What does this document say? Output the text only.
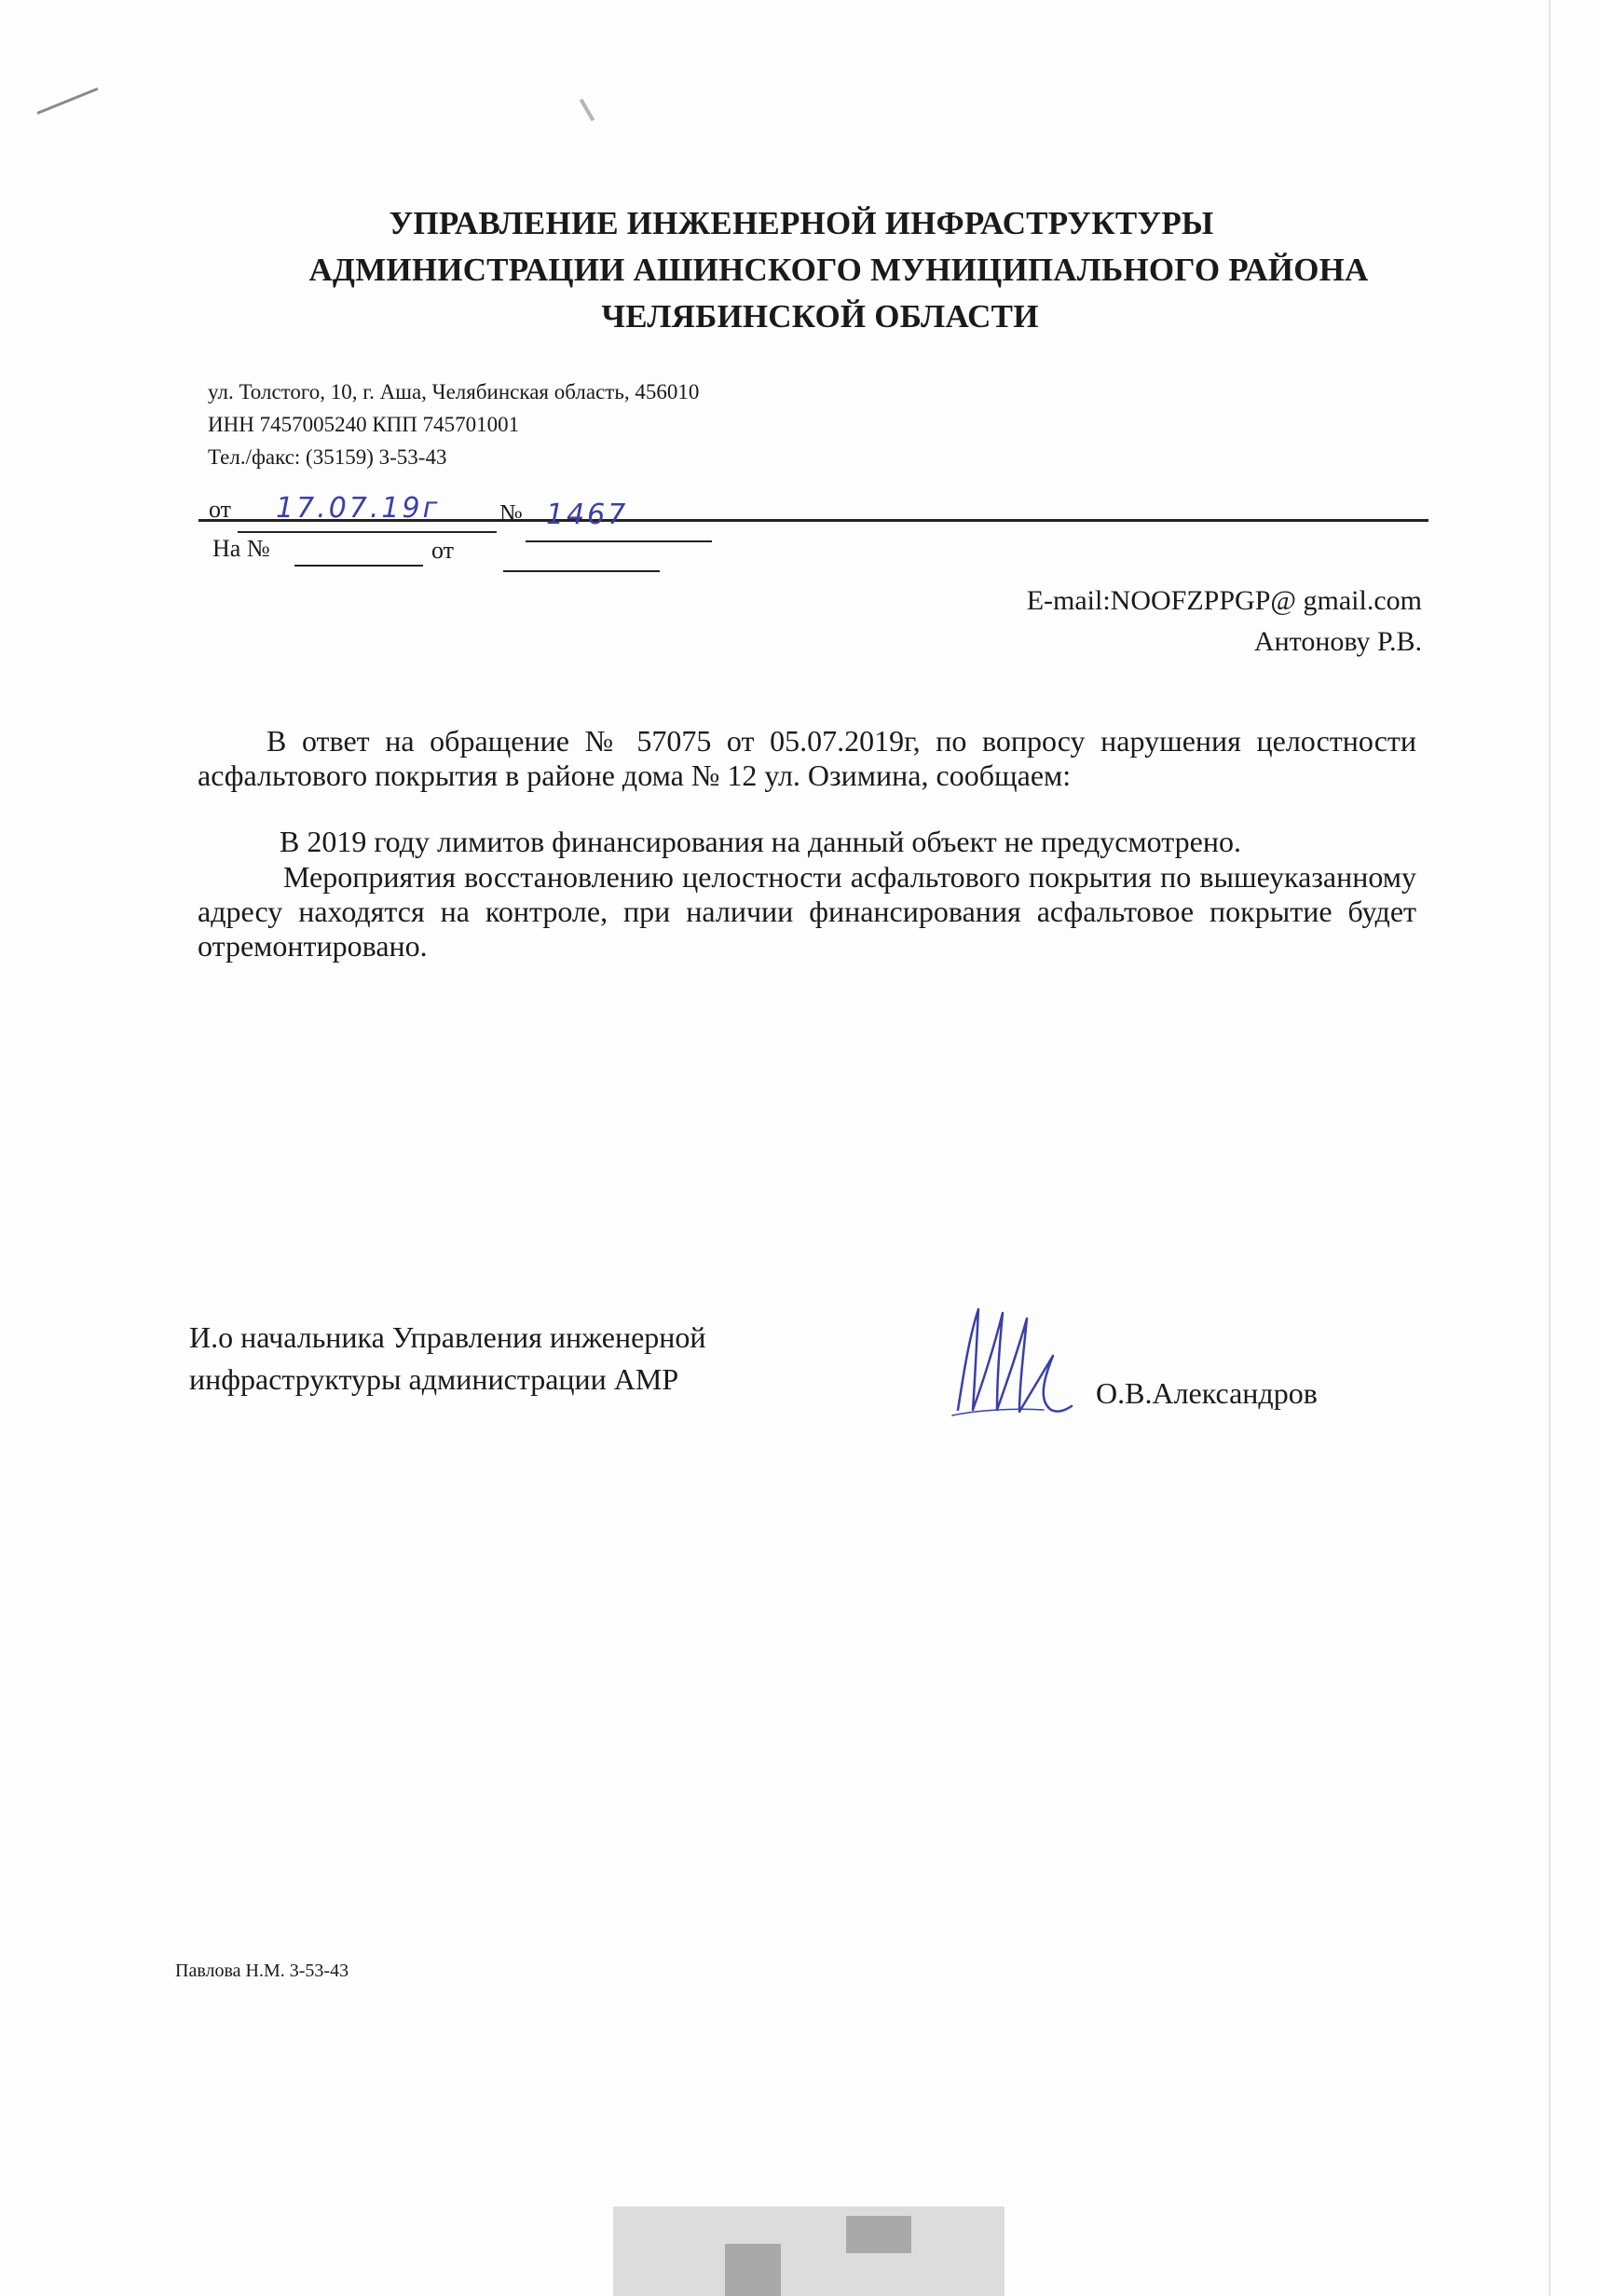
УПРАВЛЕНИЕ ИНЖЕНЕРНОЙ ИНФРАСТРУКТУРЫ
АДМИНИСТРАЦИИ АШИНСКОГО МУНИЦИПАЛЬНОГО РАЙОНА
ЧЕЛЯБИНСКОЙ ОБЛАСТИ
ул. Толстого, 10, г. Аша, Челябинская область, 456010
ИНН 7457005240 КПП 745701001
Тел./факс: (35159) 3-53-43
от 17.07.19г № 1467
На №	от
E-mail:NOOFZPPGP@ gmail.com
Антонову Р.В.
В ответ на обращение № 57075 от 05.07.2019г, по вопросу нарушения целостности асфальтового покрытия в районе дома № 12 ул. Озимина, сообщаем:
В 2019 году лимитов финансирования на данный объект не предусмотрено.
Мероприятия восстановлению целостности асфальтового покрытия по вышеуказанному адресу находятся на контроле, при наличии финансирования асфальтовое покрытие будет отремонтировано.
И.о начальника Управления инженерной
инфраструктуры администрации АМР	О.В.Александров
Павлова Н.М. 3-53-43
